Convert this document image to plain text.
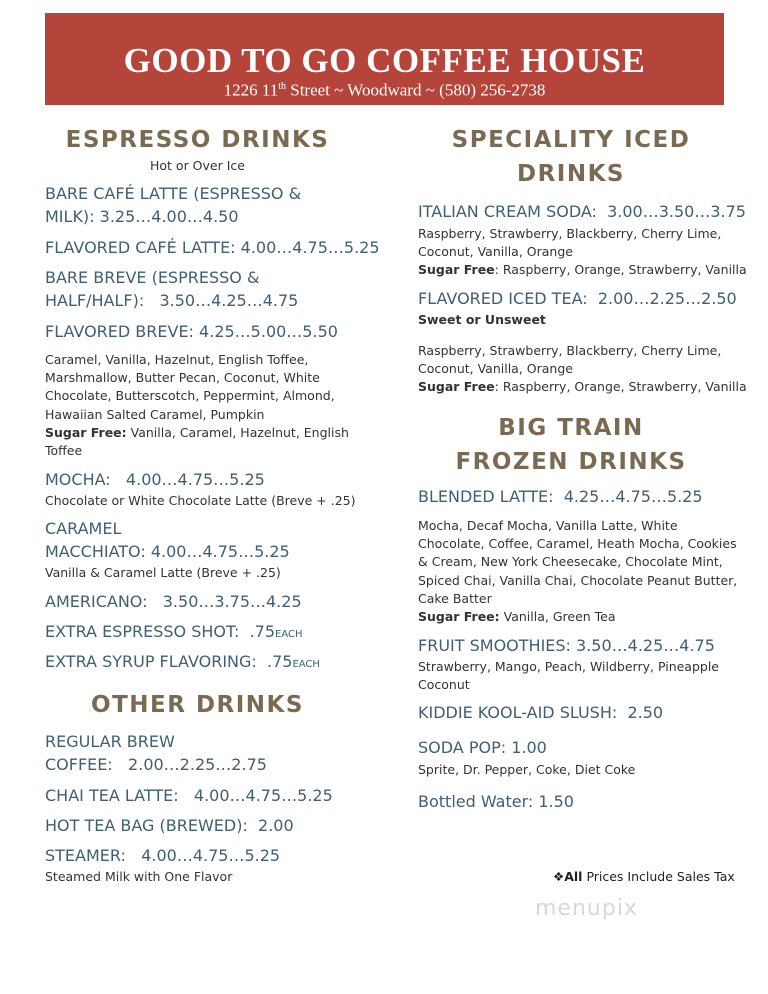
GOOD TO GO COFFEE HOUSE
1226 11th Street ~ Woodward ~ (580) 256-2738
ESPRESSO DRINKS
Hot or Over Ice
BARE CAFÉ LATTE (ESPRESSO &
MILK): 3.25…4.00…4.50
FLAVORED CAFÉ LATTE: 4.00…4.75…5.25
BARE BREVE (ESPRESSO &
HALF/HALF): 3.50…4.25…4.75
FLAVORED BREVE: 4.25…5.00…5.50
Caramel, Vanilla, Hazelnut, English Toffee,
Marshmallow, Butter Pecan, Coconut, White
Chocolate, Butterscotch, Peppermint, Almond,
Hawaiian Salted Caramel, Pumpkin
Sugar Free: Vanilla, Caramel, Hazelnut, English
Toffee
MOCHA: 4.00…4.75…5.25
Chocolate or White Chocolate Latte (Breve + .25)
CARAMEL
MACCHIATO: 4.00…4.75…5.25
Vanilla & Caramel Latte (Breve + .25)
AMERICANO: 3.50…3.75…4.25
EXTRA ESPRESSO SHOT: .75EACH
EXTRA SYRUP FLAVORING: .75EACH
OTHER DRINKS
REGULAR BREW
COFFEE: 2.00…2.25…2.75
CHAI TEA LATTE: 4.00…4.75…5.25
HOT TEA BAG (BREWED): 2.00
STEAMER: 4.00…4.75…5.25
Steamed Milk with One Flavor
SPECIALITY ICED
DRINKS
ITALIAN CREAM SODA: 3.00…3.50…3.75
Raspberry, Strawberry, Blackberry, Cherry Lime,
Coconut, Vanilla, Orange
Sugar Free: Raspberry, Orange, Strawberry, Vanilla
FLAVORED ICED TEA: 2.00…2.25…2.50
Sweet or Unsweet
Raspberry, Strawberry, Blackberry, Cherry Lime,
Coconut, Vanilla, Orange
Sugar Free: Raspberry, Orange, Strawberry, Vanilla
BIG TRAIN
FROZEN DRINKS
BLENDED LATTE: 4.25…4.75…5.25
Mocha, Decaf Mocha, Vanilla Latte, White
Chocolate, Coffee, Caramel, Heath Mocha, Cookies
& Cream, New York Cheesecake, Chocolate Mint,
Spiced Chai, Vanilla Chai, Chocolate Peanut Butter,
Cake Batter
Sugar Free: Vanilla, Green Tea
FRUIT SMOOTHIES: 3.50…4.25…4.75
Strawberry, Mango, Peach, Wildberry, Pineapple
Coconut
KIDDIE KOOL-AID SLUSH: 2.50
SODA POP: 1.00
Sprite, Dr. Pepper, Coke, Diet Coke
Bottled Water: 1.50
❖All Prices Include Sales Tax
menupix
